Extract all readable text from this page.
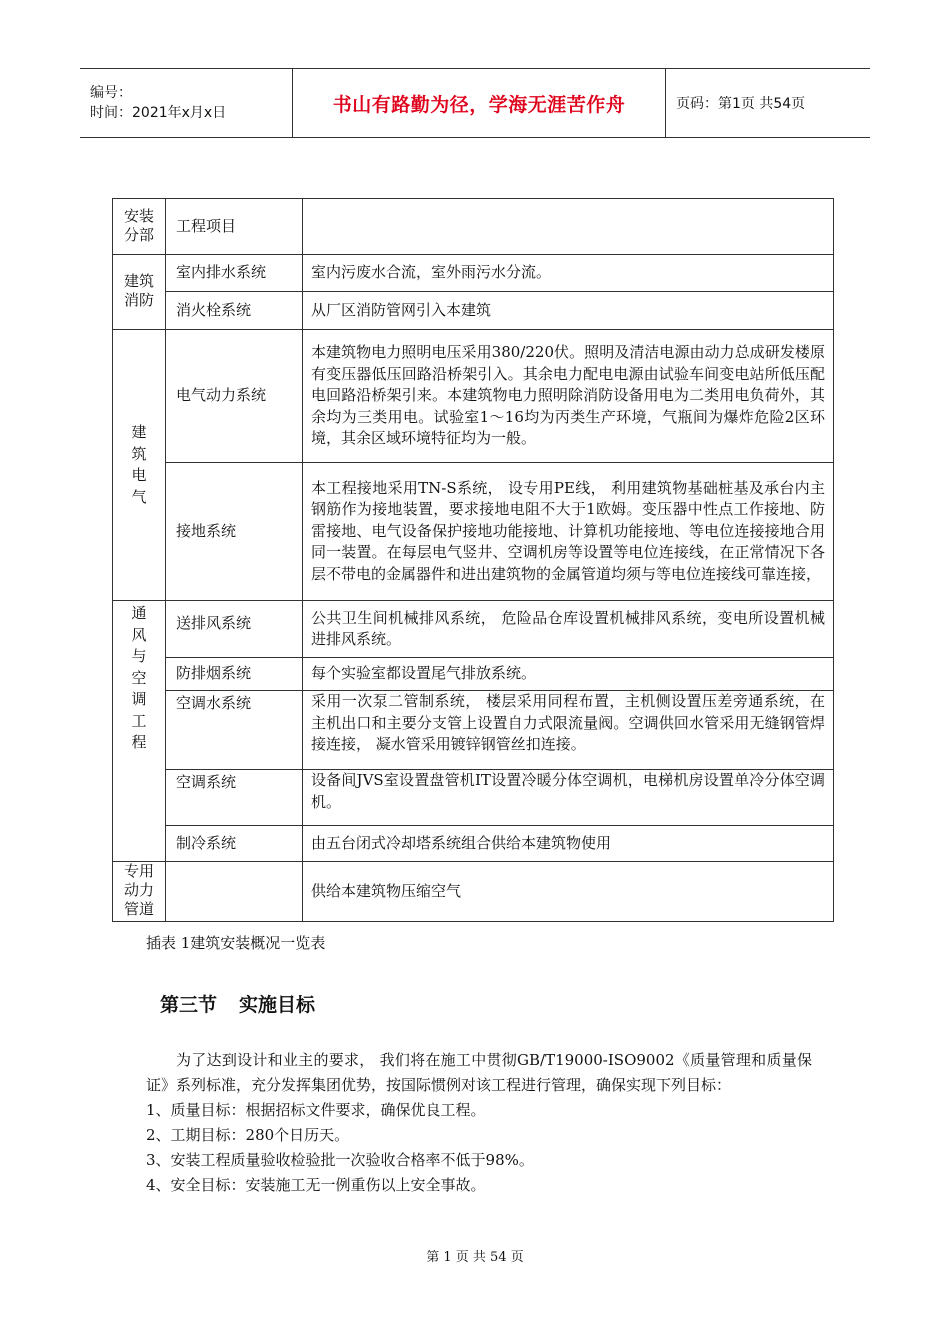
编号：
时间：2021年x月x日	书山有路勤为径，学海无涯苦作舟	页码：第1页 共54页
安装分部	工程项目	
建筑消防	室内排水系统	室内污废水合流，室外雨污水分流。
	消火栓系统	从厂区消防管网引入本建筑
建筑电气	电气动力系统	本建筑物电力照明电压采用380/220伏。照明及清洁电源由动力总成研发楼原有变压器低压回路沿桥架引入。其余电力配电电源由试验车间变电站所低压配电回路沿桥架引来。本建筑物电力照明除消防设备用电为二类用电负荷外，其余均为三类用电。试验室1～16均为丙类生产环境，气瓶间为爆炸危险2区环境，其余区域环境特征均为一般。
	接地系统	本工程接地采用TN-S系统， 设专用PE线， 利用建筑物基础桩基及承台内主钢筋作为接地装置，要求接地电阻不大于1欧姆。变压器中性点工作接地、防雷接地、电气设备保护接地功能接地、计算机功能接地、等电位连接接地合用同一装置。在每层电气竖井、空调机房等设置等电位连接线，在正常情况下各层不带电的金属器件和进出建筑物的金属管道均须与等电位连接线可靠连接，
通风与空调工程	送排风系统	公共卫生间机械排风系统， 危险品仓库设置机械排风系统，变电所设置机械进排风系统。
	防排烟系统	每个实验室都设置尾气排放系统。
	空调水系统	采用一次泵二管制系统， 楼层采用同程布置，主机侧设置压差旁通系统，在主机出口和主要分支管上设置自力式限流量阀。空调供回水管采用无缝钢管焊接连接， 凝水管采用镀锌钢管丝扣连接。
	空调系统	设备间JVS室设置盘管机IT设置冷暖分体空调机，电梯机房设置单冷分体空调机。
	制冷系统	由五台闭式冷却塔系统组合供给本建筑物使用
专用动力管道		供给本建筑物压缩空气
插表 1建筑安装概况一览表
第三节 实施目标

为了达到设计和业主的要求， 我们将在施工中贯彻GB/T19000-ISO9002《质量管理和质量保证》系列标准，充分发挥集团优势，按国际惯例对该工程进行管理，确保实现下列目标：

1、质量目标：根据招标文件要求，确保优良工程。

2、工期目标：280个日历天。

3、安装工程质量验收检验批一次验收合格率不低于98%。

4、安全目标：安装施工无一例重伤以上安全事故。

第 1 页 共 54 页
